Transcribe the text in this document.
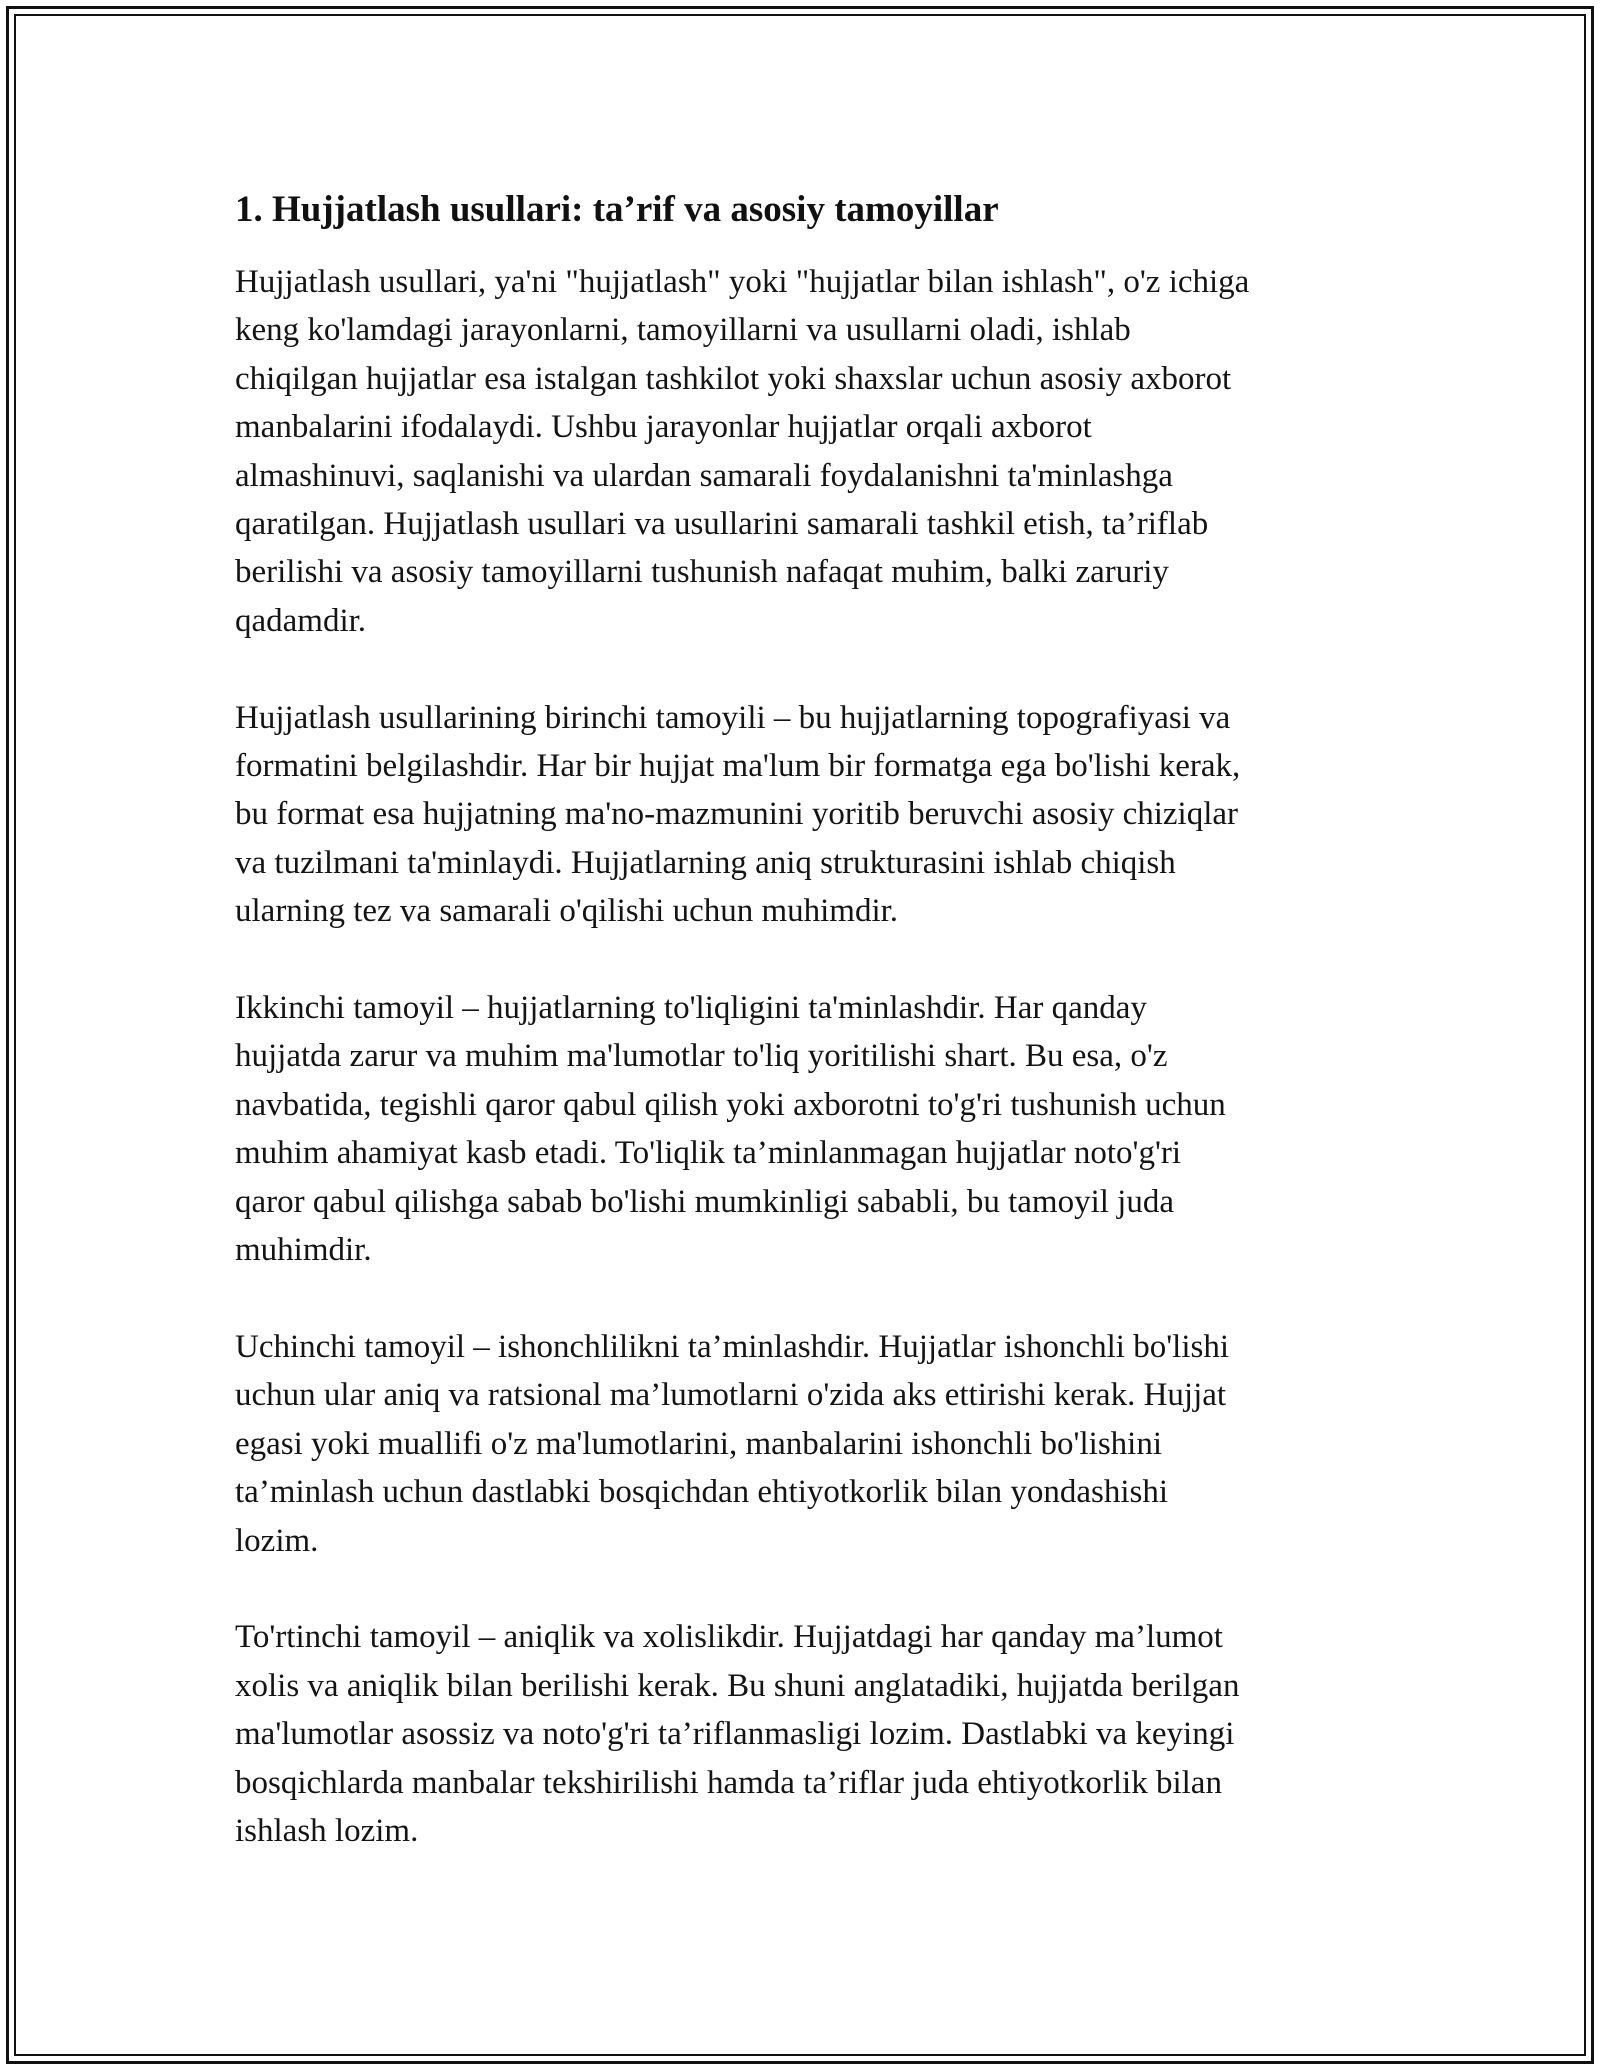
1. Hujjatlash usullari: ta’rif va asosiy tamoyillar

Hujjatlash usullari, ya'ni "hujjatlash" yoki "hujjatlar bilan ishlash", o'z ichiga
keng ko'lamdagi jarayonlarni, tamoyillarni va usullarni oladi, ishlab
chiqilgan hujjatlar esa istalgan tashkilot yoki shaxslar uchun asosiy axborot
manbalarini ifodalaydi. Ushbu jarayonlar hujjatlar orqali axborot
almashinuvi, saqlanishi va ulardan samarali foydalanishni ta'minlashga
qaratilgan. Hujjatlash usullari va usullarini samarali tashkil etish, ta’riflab
berilishi va asosiy tamoyillarni tushunish nafaqat muhim, balki zaruriy
qadamdir.

Hujjatlash usullarining birinchi tamoyili – bu hujjatlarning topografiyasi va
formatini belgilashdir. Har bir hujjat ma'lum bir formatga ega bo'lishi kerak,
bu format esa hujjatning ma'no-mazmunini yoritib beruvchi asosiy chiziqlar
va tuzilmani ta'minlaydi. Hujjatlarning aniq strukturasini ishlab chiqish
ularning tez va samarali o'qilishi uchun muhimdir.

Ikkinchi tamoyil – hujjatlarning to'liqligini ta'minlashdir. Har qanday
hujjatda zarur va muhim ma'lumotlar to'liq yoritilishi shart. Bu esa, o'z
navbatida, tegishli qaror qabul qilish yoki axborotni to'g'ri tushunish uchun
muhim ahamiyat kasb etadi. To'liqlik ta’minlanmagan hujjatlar noto'g'ri
qaror qabul qilishga sabab bo'lishi mumkinligi sababli, bu tamoyil juda
muhimdir.

Uchinchi tamoyil – ishonchlilikni ta’minlashdir. Hujjatlar ishonchli bo'lishi
uchun ular aniq va ratsional ma’lumotlarni o'zida aks ettirishi kerak. Hujjat
egasi yoki muallifi o'z ma'lumotlarini, manbalarini ishonchli bo'lishini
ta’minlash uchun dastlabki bosqichdan ehtiyotkorlik bilan yondashishi
lozim.

To'rtinchi tamoyil – aniqlik va xolislikdir. Hujjatdagi har qanday ma’lumot
xolis va aniqlik bilan berilishi kerak. Bu shuni anglatadiki, hujjatda berilgan
ma'lumotlar asossiz va noto'g'ri ta’riflanmasligi lozim. Dastlabki va keyingi
bosqichlarda manbalar tekshirilishi hamda ta’riflar juda ehtiyotkorlik bilan
ishlash lozim.
